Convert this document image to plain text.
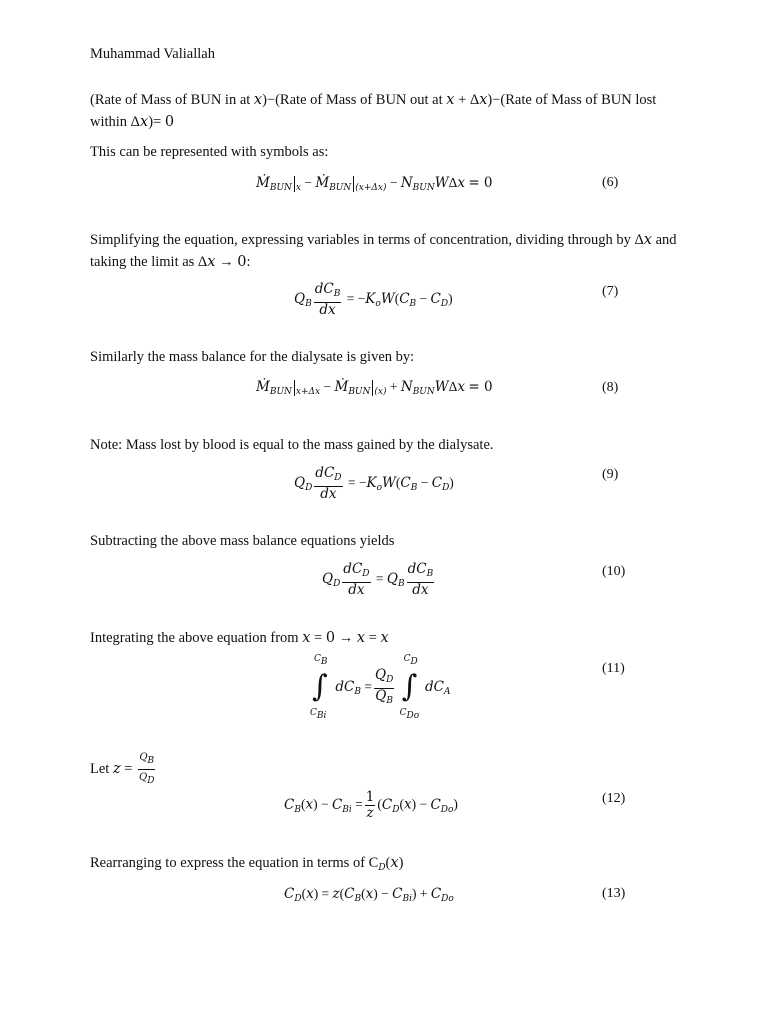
Muhammad Valiallah
(Rate of Mass of BUN in at x)−(Rate of Mass of BUN out at x + Δx)−(Rate of Mass of BUN lost within Δx)= 0
This can be represented with symbols as:
Ṁ$_{BUN}$ $_x$ − Ṁ$_{BUN}$ $_{(x+\Delta x)} - N_{BUN}W\Delta x = 0$	(6)
Simplifying the equation, expressing variables in terms of concentration, dividing through by Δx and taking the limit as Δx → 0:
$Q_B \frac{dC_B}{dx} = -K_oW(C_B - C_D)$	(7)
Similarly the mass balance for the dialysate is given by:
Ṁ$_{BUN}$ $_{x+\Delta x}$ − Ṁ$_{BUN}$ $_{(x)} + N_{BUN}W\Delta x = 0$	(8)
Note: Mass lost by blood is equal to the mass gained by the dialysate.
$Q_D \frac{dC_D}{dx} = -K_oW(C_B - C_D)$
(9)
Subtracting the above mass balance equations yields
$Q_D \frac{dC_D}{dx} = Q_B \frac{dC_B}{dx}$	(10)
Integrating the above equation from x = 0 → x = x
$C_B$
∫
$C_{Bi}$
$dC_B = \frac{Q_D}{Q_B}$

$C_D$
∫
$C_{Do}$
$dC_A$
(11)
Let $z = \frac{Q_B}{Q_D}$
$C_B(x) - C_{Bi} = \frac{1}{z} (C_D(x) - C_{Do})$	(12)
Rearranging to express the equation in terms of $C_D(x)$
$C_D(x) = z(C_B(x) - C_{Bi}) + C_{Do}$	(13)
